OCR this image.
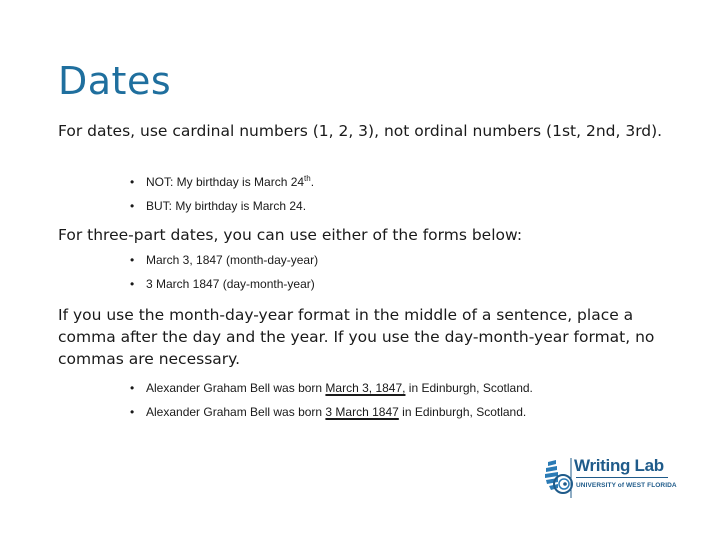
Dates

For dates, use cardinal numbers (1, 2, 3), not ordinal numbers (1st, 2nd, 3rd).

• NOT: My birthday is March 24th.
• BUT: My birthday is March 24.

For three-part dates, you can use either of the forms below:

• March 3, 1847 (month-day-year)
• 3 March 1847 (day-month-year)

If you use the month-day-year format in the middle of a sentence, place a comma after the day and the year. If you use the day-month-year format, no commas are necessary.

• Alexander Graham Bell was born March 3, 1847, in Edinburgh, Scotland.
• Alexander Graham Bell was born 3 March 1847 in Edinburgh, Scotland.
Writing Lab
UNIVERSITY of WEST FLORIDA
